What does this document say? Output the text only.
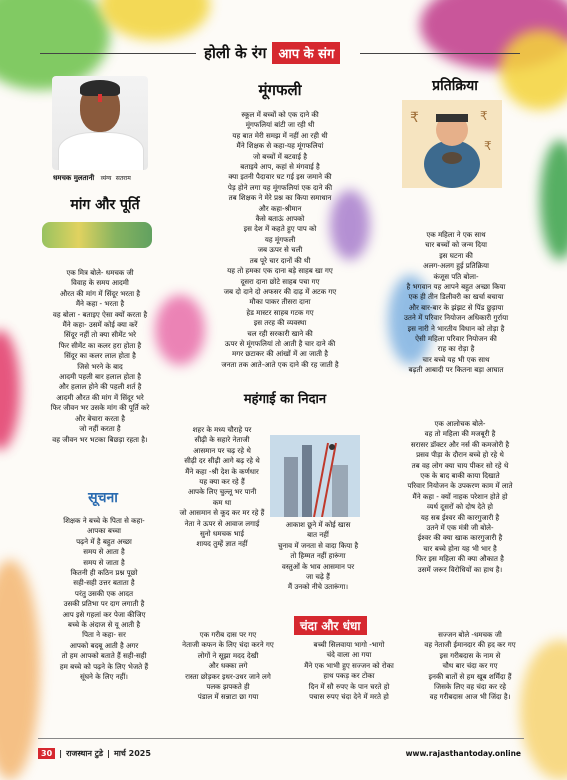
होली के रंग आप के संग
धमचक मुलतानी व्यंग्य सतराम
मूंगफली
स्कूल में बच्चों को एक दाने की
मूंगफलियां बांटी जा रही थी
यह बात मेरी समझ में नहीं आ रही थी
मैंने शिक्षक से कहा-यह मूंगफलियां
जो बच्चों में बटवाई है
बताइये आप, कहां से मंगवाई है
क्या इतनी पैदावार घट गई इस जमाने की
पेड़ होने लगा यह मूंगफलियां एक दाने की
तब शिक्षक ने मेरे प्रश्न का किया समाधान
और कहा-श्रीमान
कैसे बताऊं आपको
इस देश में कहते हुए पाप को
यह मूंगफली
जब ऊपर से चली
तब पूरे चार दानों की थी
यह तो हमका एक दाना बड़े साहब खा गए
दूसरा दाना छोटे साहब पचा गए
जब दो दाने दो अफसर की दाढ़ में अटक गए
मौका पाकर तीसरा दाना
हेड मास्टर साहब गटक गए
इस तरह की व्यवस्था
चल रही सरकारी खाने की
ऊपर से मूंगफलियां तो आती है चार दाने की
मगर छटाकर की आंखों में आ जाती है
जनता तक आते-आते एक दाने की रह जाती है
प्रतिक्रिया
₹	₹
₹
एक महिला ने एक साथ
चार बच्चों को जन्म दिया
इस घटना की
अलग-अलग हुई प्रतिक्रिया
कंजूस पति बोला-
है भगवान यह आपने बहुत अच्छा किया
एक ही तीन डिलीवरी का खर्चा बचाया
और बार-बार के झंझट से पिंड छुड़ाया
उतने में परिवार नियोजन अधिकारी गुर्राया
इस नारी ने भारतीय विधान को तोड़ा है
ऐसी महिला परिवार नियोजन की
राह का रोड़ा है
चार बच्चे यह भी एक साथ
बढ़ती आबादी पर कितना बड़ा आघात
मांग और पूर्ति
एक मित्र बोले- धमचक जी
विवाह के समय आदमी
औरत की मांग में सिंदूर भरता है
मैंने कहा - भरता है
वह बोला - बताइए ऐसा क्यों करता है
मैंने कहा- उसमें कोई क्या करें
सिंदूर नहीं तो क्या सीमेंट भरे
फिर सीमेंट का कलर हरा होता है
सिंदूर का कलर लाल होता है
जिसे भरने के बाद
आदमी पहली बार हलाल होता है
और हलाल होने की पहली शर्त है
आदमी औरत की मांग में सिंदूर भरे
फिर जीवन भर उसके मांग की पूर्ति करे
और बेचारा करता है
जो नहीं करता है
वह जीवन भर भटका बिछड़ा रहता है।
महंगाई का निदान
शहर के मध्य चौराहे पर
सीढ़ी के सहारे नेताजी
आसमान पर चढ़ रहे थे
सीढ़ी दर सीढ़ी आगे बढ़ रहे थे
मैंने कहा -श्री देश के कर्णधार
यह क्या कर रहे हैं
आपके लिए चुल्लू भर पानी
कम था
जो आसमान से कूद कर मर रहे हैं
नेता ने ऊपर से आवाज लगाई
सुनो धमचक भाई
शायद तुम्हें ज्ञात नहीं
आकाश छूने में कोई खास
बात नहीं
चुनाव में जनता से वादा किया है
तो हिम्मत नहीं हारूंगा
वस्तुओं के भाव आसमान पर
जा चढ़े हैं
मैं उनको नीचे उतारूंगा।
एक आलोचक बोले-
वह तो महिला की मजबूरी है
सरासर डॉक्टर और नर्स की कमजोरी है
प्रसव पीड़ा के दौरान बच्चे हो रहे थे
तब वह लोग क्या चाय पीकर सो रहे थे
एक के बाद बाकी काया दिखाते
परिवार नियोजन के उपकरण काम में लाते
मैंने कहा - क्यों नाहक परेशान होते हो
व्यर्थ दूसरों को दोष देते हो
यह सब ईश्वर की कारगुजारी है
उतने में एक मंत्री जी बोले-
ईश्वर की क्या खाक कारगुजारी है
चार बच्चे होना यह भी भार है
फिर इस महिला की क्या औकात है
उसमें जरूर विरोधियों का हाथ है।
सूचना
शिक्षक ने बच्चे के पिता से कहा-
आपका बच्चा
पढ़ने में है बहुत अच्छा
समय से आता है
समय से जाता है
कितनी ही कठिन प्रश्न पूछो
सही-सही उत्तर बताता है
परंतु उसकी एक आदत
उसकी प्रतिभा पर दाग लगाती है
आप इसे गहलां कर पेजा कीजिए
बच्चे के अंदाज से यू आती है
पिता ने कहा- सर
आपको बदबू आती है अगर
तो हम आपको बताते हैं सही-सही
हम बच्चे को पढ़ने के लिए भेजते हैं
सूंघने के लिए नहीं।
एक गरीब दास पर गए
नेताजी कफन के लिए चंदा करने गए
लोगों ने सूझा मदद देखी
और धक्का लगे
रास्ता छोड़कर इधर-उधर जाने लगे
पलक झपकते ही
पंडाल में सन्नाटा छा गया
चंदा और धंधा
बच्ची सिलवाया भागो -भागो
चंदे वाला आ गया
मैंने एक भाभी हुए सज्जन को रोका
हाथ पकड़ कर टोका
दिन में सौ रुपए के पान चरते हो
पचास रुपए चंदा देने में मरते हो
सज्जन बोले -धमचक जी
वह नेताजी ईमानदार की हद कर गए
इस गरीबदास के नाम से
चौथ बार चंदा कर गए
इनकी बातों से हम खूब शर्मिंदा हैं
जिसके लिए वह चंदा कर रहे
वह गरीबदास आज भी जिंदा है।
30 | राजस्थान टुडे | मार्च 2025	www.rajasthantoday.online
